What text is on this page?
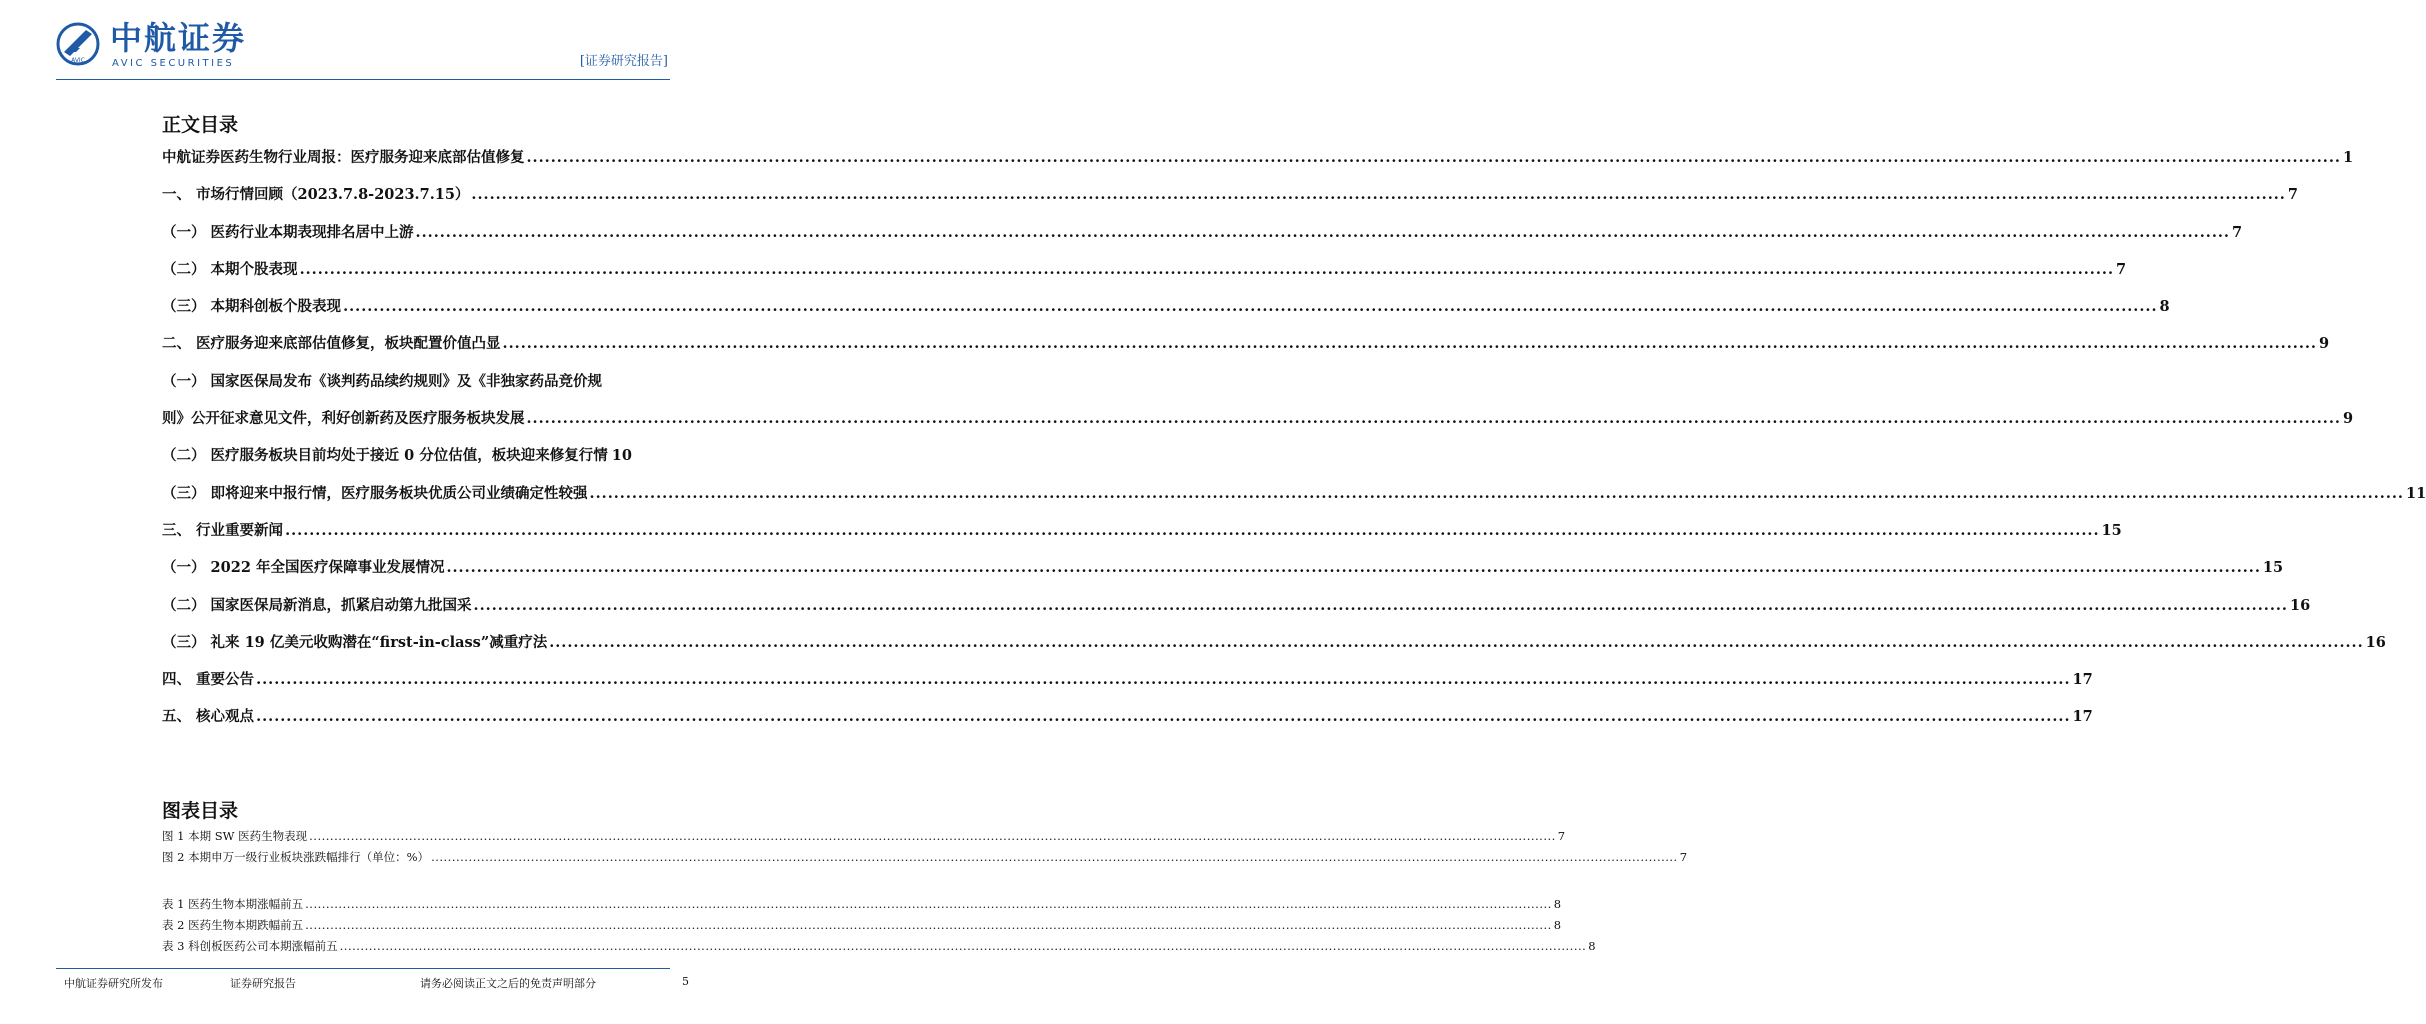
AVIC
中航证券
AVIC SECURITIES	[证券研究报告]
正文目录
中航证券医药生物行业周报：医疗服务迎来底部估值修复 ............................................................................................................................................................................................................................................................................................................ 1
一、 市场行情回顾（2023.7.8-2023.7.15） ............................................................................................................................................................................................................................................................................................................ 7
（一） 医药行业本期表现排名居中上游 ............................................................................................................................................................................................................................................................................................................ 7
（二） 本期个股表现 ............................................................................................................................................................................................................................................................................................................ 7
（三） 本期科创板个股表现 ............................................................................................................................................................................................................................................................................................................ 8
二、 医疗服务迎来底部估值修复，板块配置价值凸显 ............................................................................................................................................................................................................................................................................................................ 9
（一） 国家医保局发布《谈判药品续约规则》及《非独家药品竞价规
则》公开征求意见文件，利好创新药及医疗服务板块发展 ............................................................................................................................................................................................................................................................................................................ 9
（二） 医疗服务板块目前均处于接近 0 分位估值，板块迎来修复行情 10
（三） 即将迎来中报行情，医疗服务板块优质公司业绩确定性较强 ............................................................................................................................................................................................................................................................................................................ 11
三、 行业重要新闻 ............................................................................................................................................................................................................................................................................................................ 15
（一） 2022 年全国医疗保障事业发展情况 ............................................................................................................................................................................................................................................................................................................ 15
（二） 国家医保局新消息，抓紧启动第九批国采 ............................................................................................................................................................................................................................................................................................................ 16
（三） 礼来 19 亿美元收购潜在“first-in-class”减重疗法 ............................................................................................................................................................................................................................................................................................................ 16
四、 重要公告 ............................................................................................................................................................................................................................................................................................................ 17
五、 核心观点 ............................................................................................................................................................................................................................................................................................................ 17
图表目录
图 1 本期 SW 医药生物表现 ............................................................................................................................................................................................................................................................................................................ 7
图 2 本期申万一级行业板块涨跌幅排行（单位：%） ............................................................................................................................................................................................................................................................................................................ 7
表 1 医药生物本期涨幅前五 ............................................................................................................................................................................................................................................................................................................ 8
表 2 医药生物本期跌幅前五 ............................................................................................................................................................................................................................................................................................................ 8
表 3 科创板医药公司本期涨幅前五 ............................................................................................................................................................................................................................................................................................................ 8
中航证券研究所发布	证券研究报告	请务必阅读正文之后的免责声明部分	5
